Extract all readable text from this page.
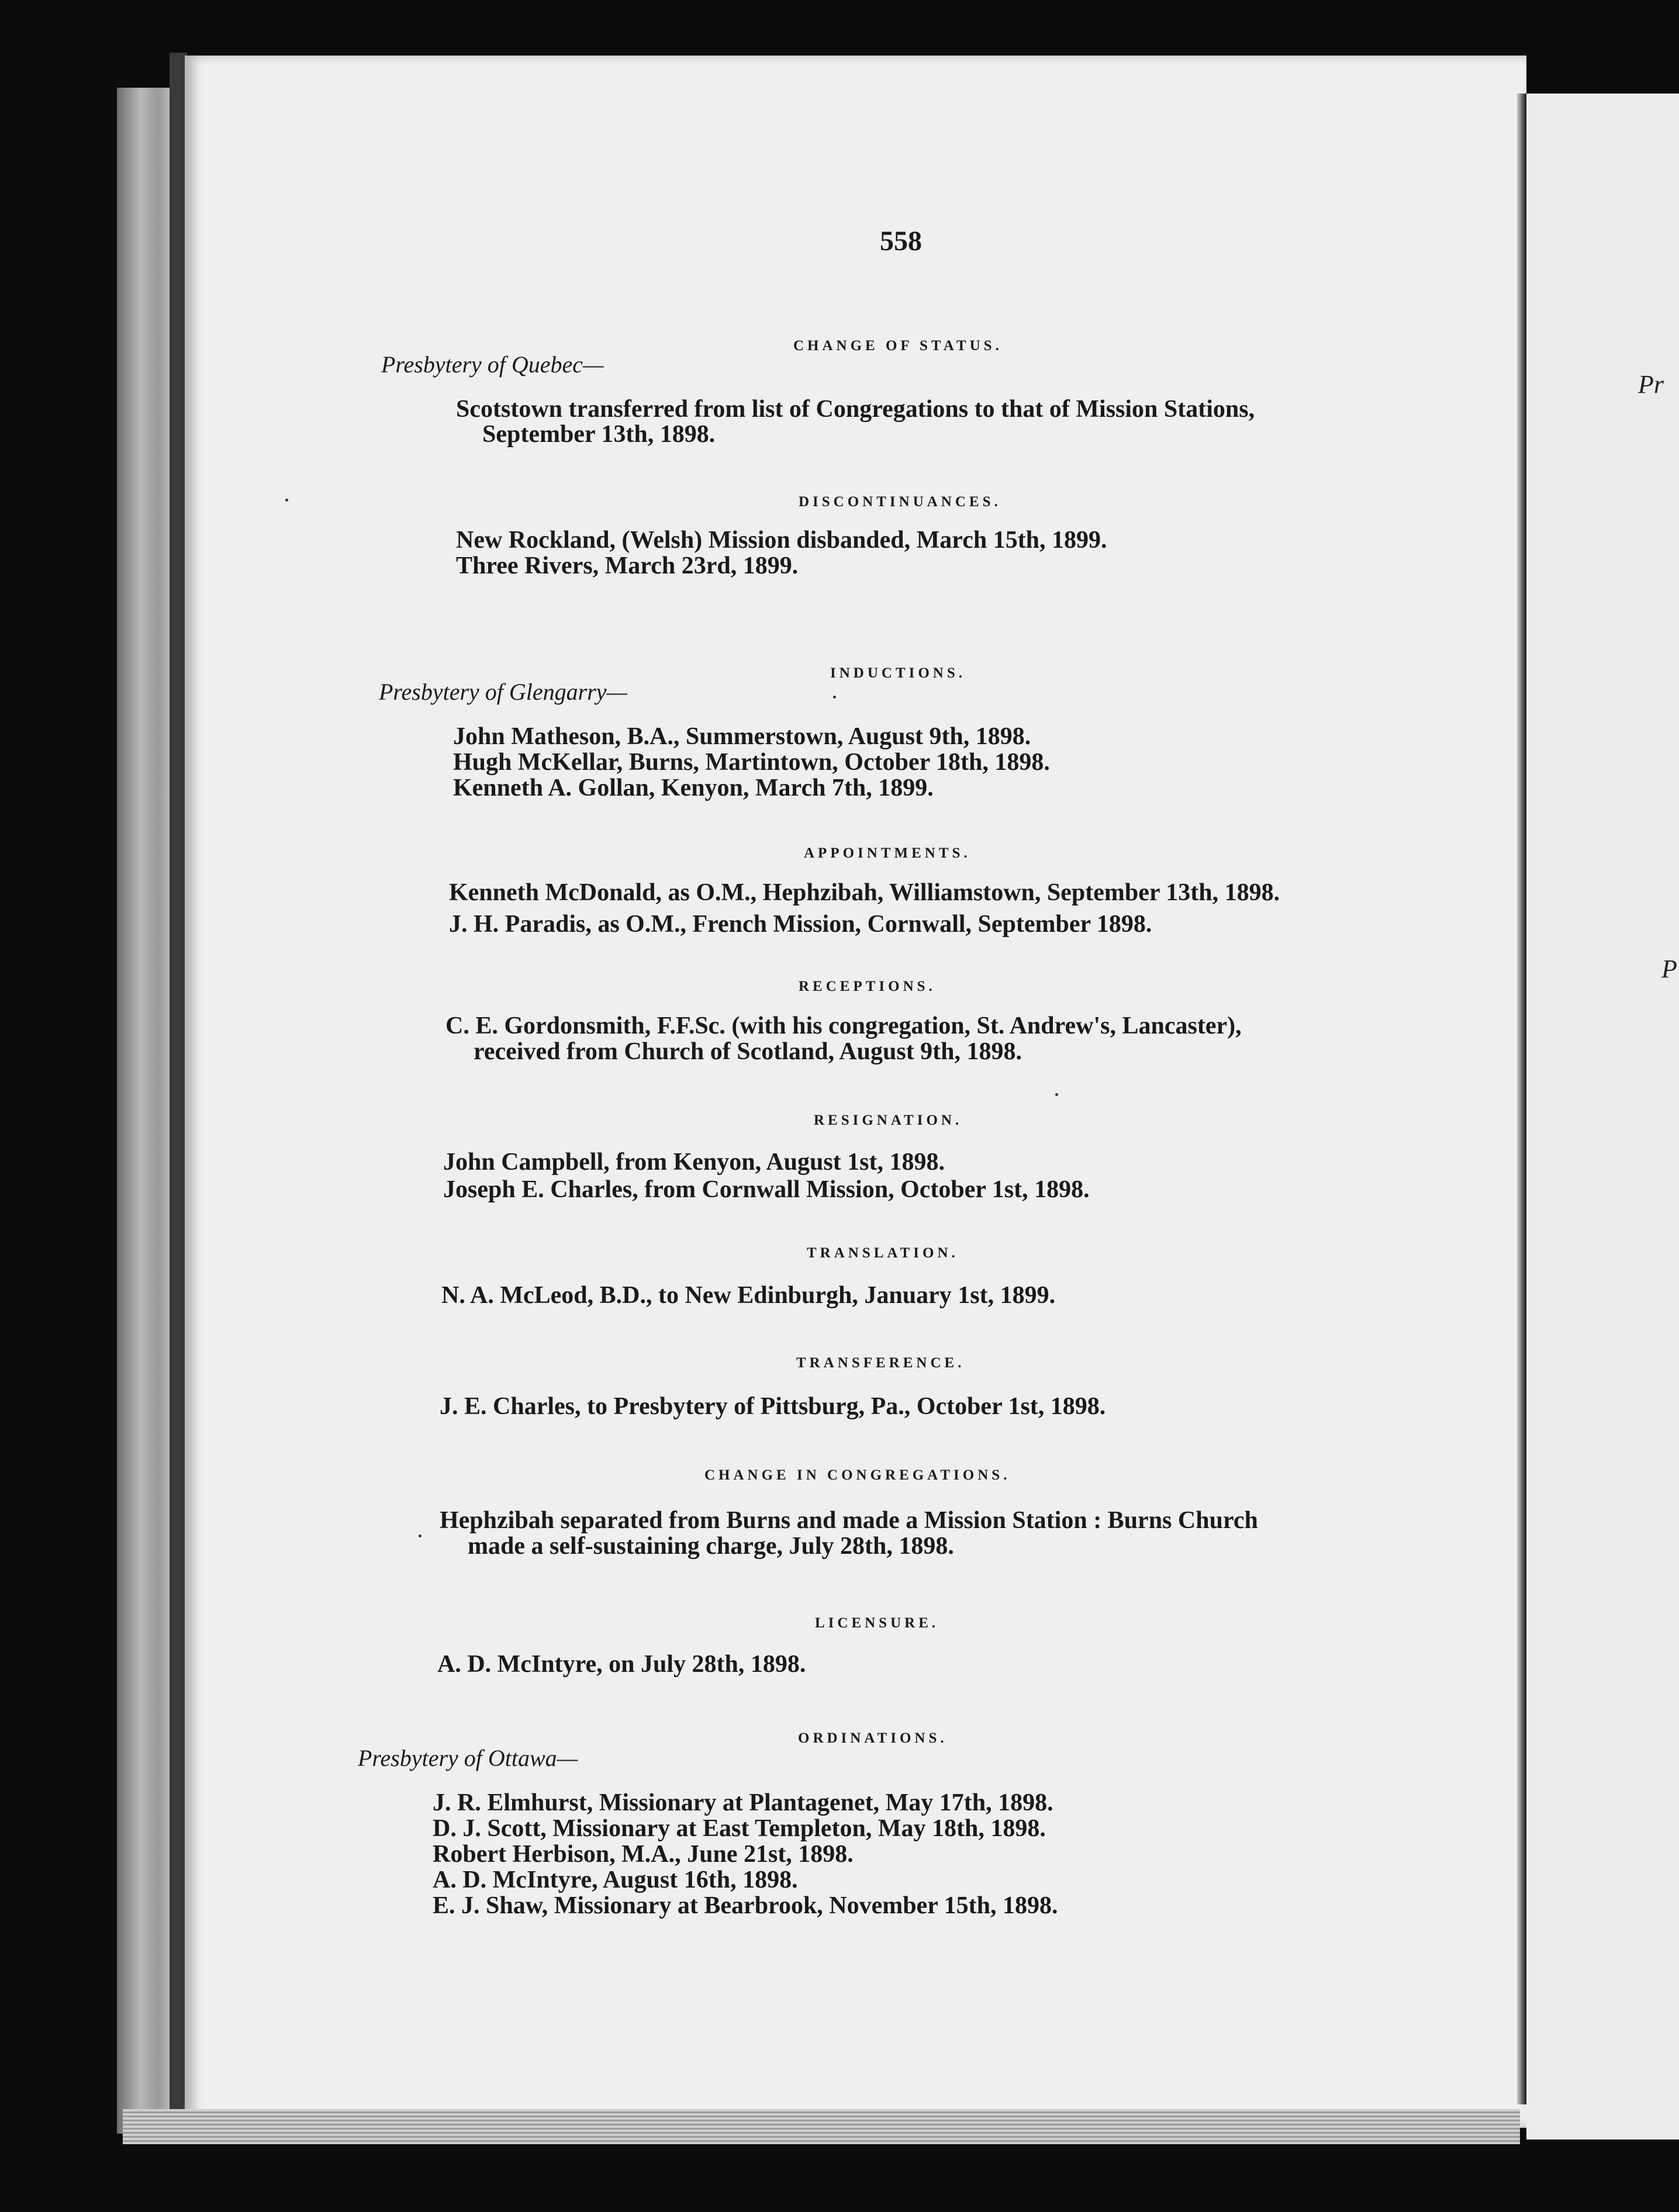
Pr
P
558
CHANGE OF STATUS.
Presbytery of Quebec—
Scotstown transferred from list of Congregations to that of Mission Stations,
September 13th, 1898.
DISCONTINUANCES.
New Rockland, (Welsh) Mission disbanded, March 15th, 1899.
Three Rivers, March 23rd, 1899.
INDUCTIONS.
Presbytery of Glengarry—
John Matheson, B.A., Summerstown, August 9th, 1898.
Hugh McKellar, Burns, Martintown, October 18th, 1898.
Kenneth A. Gollan, Kenyon, March 7th, 1899.
APPOINTMENTS.
Kenneth McDonald, as O.M., Hephzibah, Williamstown, September 13th, 1898.
J. H. Paradis, as O.M., French Mission, Cornwall, September 1898.
RECEPTIONS.
C. E. Gordonsmith, F.F.Sc. (with his congregation, St. Andrew's, Lancaster),
received from Church of Scotland, August 9th, 1898.
RESIGNATION.
John Campbell, from Kenyon, August 1st, 1898.
Joseph E. Charles, from Cornwall Mission, October 1st, 1898.
TRANSLATION.
N. A. McLeod, B.D., to New Edinburgh, January 1st, 1899.
TRANSFERENCE.
J. E. Charles, to Presbytery of Pittsburg, Pa., October 1st, 1898.
CHANGE IN CONGREGATIONS.
Hephzibah separated from Burns and made a Mission Station : Burns Church
made a self-sustaining charge, July 28th, 1898.
LICENSURE.
A. D. McIntyre, on July 28th, 1898.
ORDINATIONS.
Presbytery of Ottawa—
J. R. Elmhurst, Missionary at Plantagenet, May 17th, 1898.
D. J. Scott, Missionary at East Templeton, May 18th, 1898.
Robert Herbison, M.A., June 21st, 1898.
A. D. McIntyre, August 16th, 1898.
E. J. Shaw, Missionary at Bearbrook, November 15th, 1898.
